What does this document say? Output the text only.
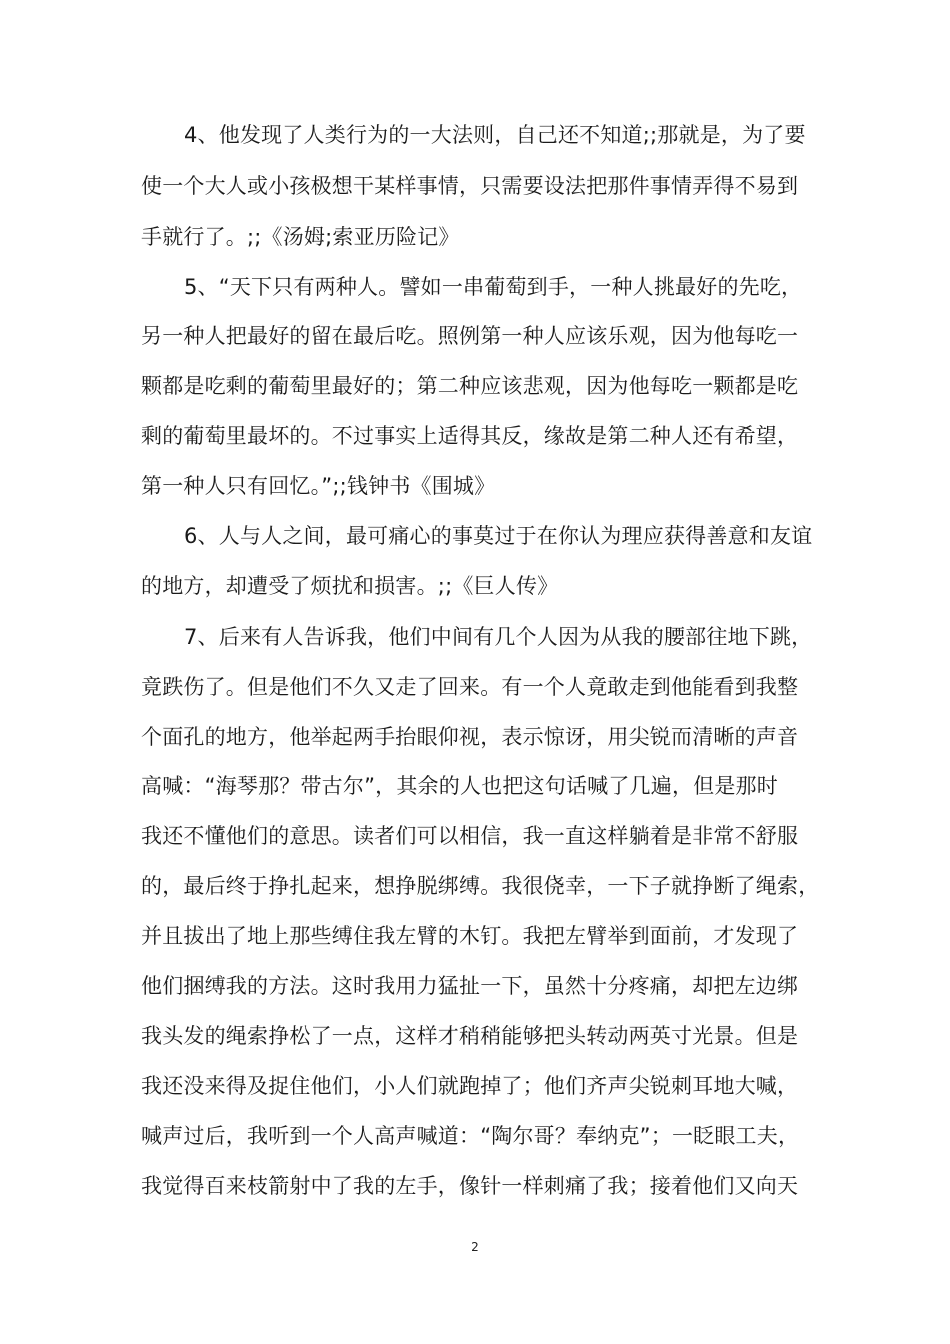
4、他发现了人类行为的一大法则，自己还不知道;;那就是，为了要
使一个大人或小孩极想干某样事情，只需要设法把那件事情弄得不易到
手就行了。;;《汤姆;索亚历险记》
5、“天下只有两种人。譬如一串葡萄到手，一种人挑最好的先吃，
另一种人把最好的留在最后吃。照例第一种人应该乐观，因为他每吃一
颗都是吃剩的葡萄里最好的；第二种应该悲观，因为他每吃一颗都是吃
剩的葡萄里最坏的。不过事实上适得其反，缘故是第二种人还有希望，
第一种人只有回忆。”;;钱钟书《围城》
6、人与人之间，最可痛心的事莫过于在你认为理应获得善意和友谊
的地方，却遭受了烦扰和损害。;;《巨人传》
7、后来有人告诉我，他们中间有几个人因为从我的腰部往地下跳，
竟跌伤了。但是他们不久又走了回来。有一个人竟敢走到他能看到我整
个面孔的地方，他举起两手抬眼仰视，表示惊讶，用尖锐而清晰的声音
高喊：“海琴那？带古尔”，其余的人也把这句话喊了几遍，但是那时
我还不懂他们的意思。读者们可以相信，我一直这样躺着是非常不舒服
的，最后终于挣扎起来，想挣脱绑缚。我很侥幸，一下子就挣断了绳索，
并且拔出了地上那些缚住我左臂的木钉。我把左臂举到面前，才发现了
他们捆缚我的方法。这时我用力猛扯一下，虽然十分疼痛，却把左边绑
我头发的绳索挣松了一点，这样才稍稍能够把头转动两英寸光景。但是
我还没来得及捉住他们，小人们就跑掉了；他们齐声尖锐刺耳地大喊，
喊声过后，我听到一个人高声喊道：“陶尔哥？奉纳克”；一眨眼工夫，
我觉得百来枝箭射中了我的左手，像针一样刺痛了我；接着他们又向天
2
